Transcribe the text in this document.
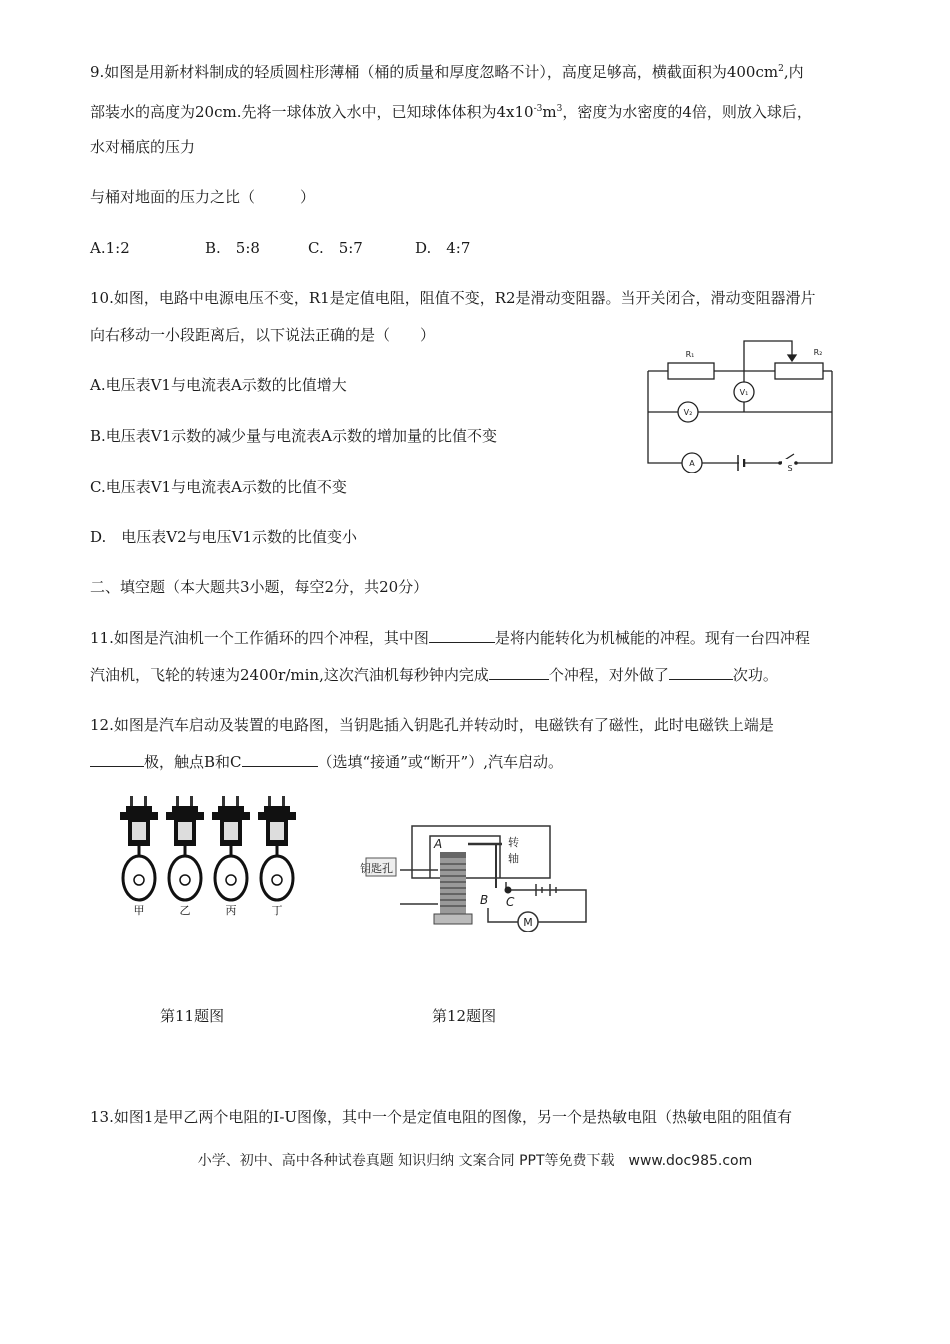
9.如图是用新材料制成的轻质圆柱形薄桶（桶的质量和厚度忽略不计），高度足够高，横截面积为$400cm^2$,内
部装水的高度为20cm.先将一球体放入水中，已知球体体积为$4x10^{-3}m^3$，密度为水密度的4倍，则放入球后，
水对桶底的压力
与桶对地面的压力之比（　　　）
A.1:2	B.　5:8	C.　5:7	D.　4:7
10.如图，电路中电源电压不变，R1是定值电阻，阻值不变，R2是滑动变阻器。当开关闭合，滑动变阻器滑片
向右移动一小段距离后，以下说法正确的是（　　）
A.电压表V1与电流表A示数的比值增大
B.电压表V1示数的减少量与电流表A示数的增加量的比值不变
C.电压表V1与电流表A示数的比值不变
D.　电压表V2与电压V1示数的比值变小
R₁	R₂
V₁
V₂
A
S
二、填空题（本大题共3小题，每空2分，共20分）
11.如图是汽油机一个工作循环的四个冲程，其中图	是将内能转化为机械能的冲程。现有一台四冲程
汽油机，飞轮的转速为2400r/min,这次汽油机每秒钟内完成	个冲程，对外做了	次功。
12.如图是汽车启动及装置的电路图，当钥匙插入钥匙孔并转动时，电磁铁有了磁性，此时电磁铁上端是
极，触点B和C	（选填“接通”或“断开”）,汽车启动。
甲	乙	丙	丁
钥匙孔
A
B C
M
转
轴
第11题图	第12题图
13.如图1是甲乙两个电阻的I-U图像，其中一个是定值电阻的图像，另一个是热敏电阻（热敏电阻的阻值有
小学、初中、高中各种试卷真题 知识归纳 文案合同 PPT等免费下载　www.doc985.com
